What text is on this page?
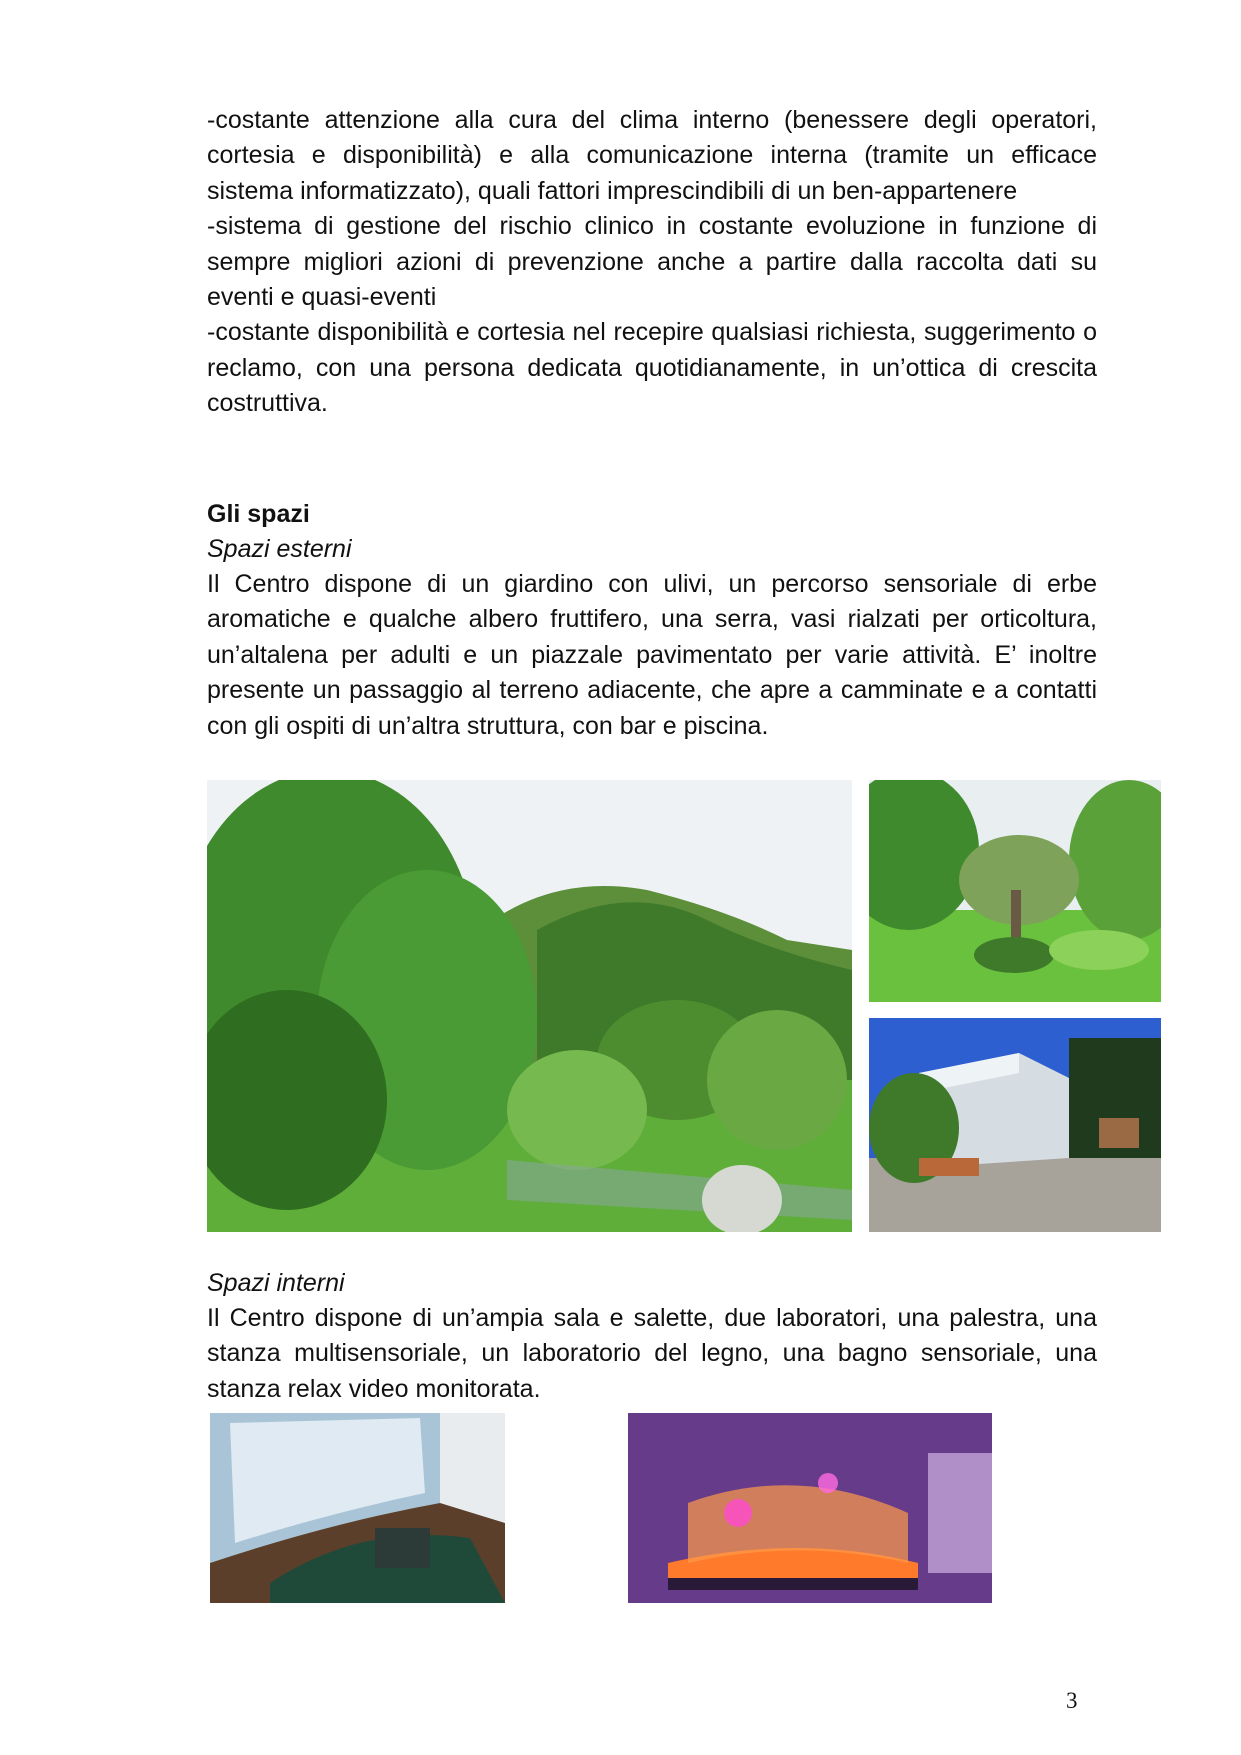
-costante attenzione alla cura del clima interno (benessere degli operatori, cortesia e disponibilità) e alla comunicazione interna (tramite un efficace sistema informatizzato), quali fattori imprescindibili di un ben-appartenere

-sistema di gestione del rischio clinico in costante evoluzione in funzione di sempre migliori azioni di prevenzione anche a partire dalla raccolta dati su eventi e quasi-eventi

-costante disponibilità e cortesia nel recepire qualsiasi richiesta, suggerimento o reclamo, con una persona dedicata quotidianamente, in un’ottica di crescita costruttiva.

Gli spazi
Spazi esterni

Il Centro dispone di un giardino con ulivi, un percorso sensoriale di erbe aromatiche e qualche albero fruttifero, una serra, vasi rialzati per orticoltura, un’altalena per adulti e un piazzale pavimentato per varie attività. E’ inoltre presente un passaggio al terreno adiacente, che apre a camminate e a contatti con gli ospiti di un’altra struttura, con bar e piscina.

Spazi interni

Il Centro dispone di un’ampia sala e salette, due laboratori, una palestra, una stanza multisensoriale, un laboratorio del legno, una bagno sensoriale, una stanza relax video monitorata.

3
